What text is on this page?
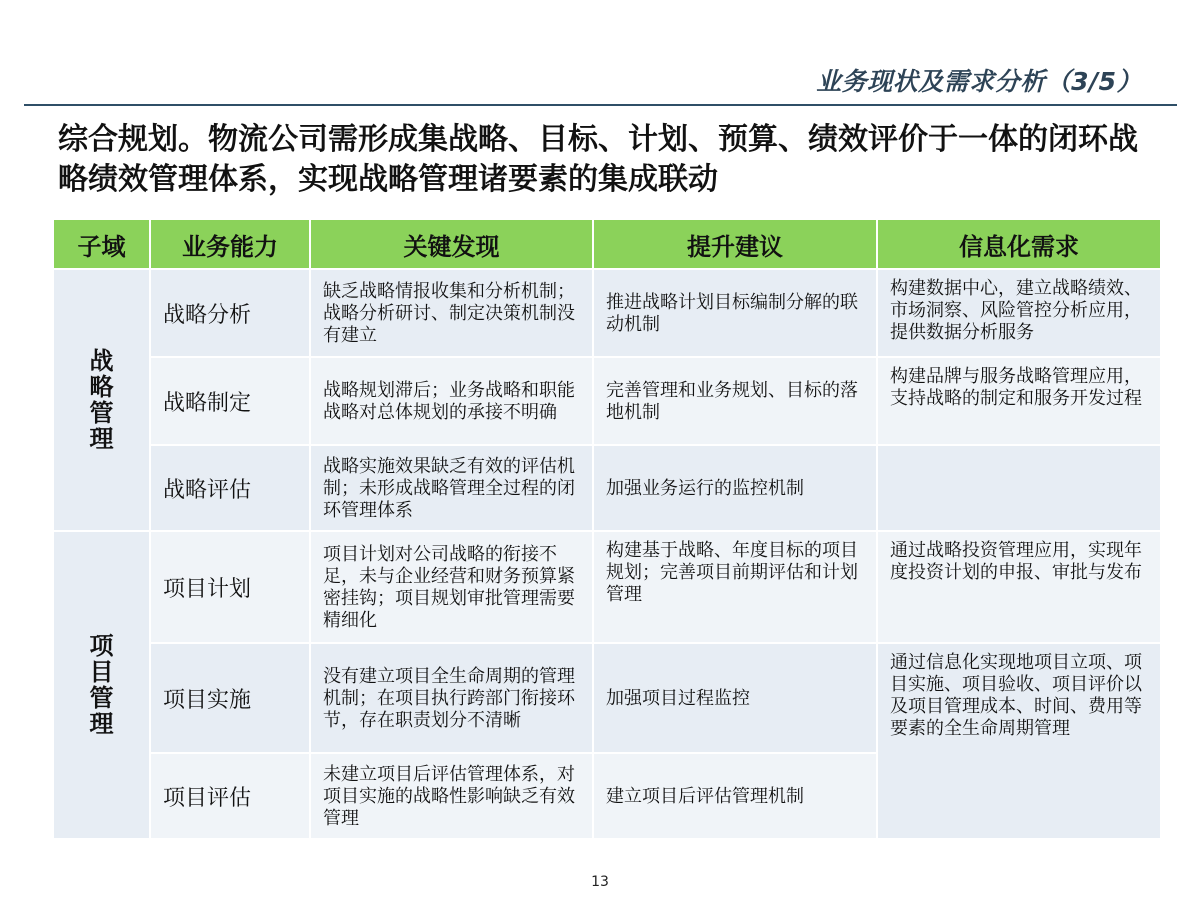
业务现状及需求分析（3/5）
综合规划。物流公司需形成集战略、目标、计划、预算、绩效评价于一体的闭环战略绩效管理体系，实现战略管理诸要素的集成联动
子域	业务能力	关键发现	提升建议	信息化需求
战略管理	战略分析	缺乏战略情报收集和分析机制；战略分析研讨、制定决策机制没有建立	推进战略计划目标编制分解的联动机制	构建数据中心，建立战略绩效、市场洞察、风险管控分析应用，提供数据分析服务
	战略制定	战略规划滞后；业务战略和职能战略对总体规划的承接不明确	完善管理和业务规划、目标的落地机制	构建品牌与服务战略管理应用，支持战略的制定和服务开发过程
	战略评估	战略实施效果缺乏有效的评估机制；未形成战略管理全过程的闭环管理体系	加强业务运行的监控机制	
项目管理	项目计划	项目计划对公司战略的衔接不足，未与企业经营和财务预算紧密挂钩；项目规划审批管理需要精细化	构建基于战略、年度目标的项目规划；完善项目前期评估和计划管理	通过战略投资管理应用，实现年度投资计划的申报、审批与发布
	项目实施	没有建立项目全生命周期的管理机制；在项目执行跨部门衔接环节，存在职责划分不清晰	加强项目过程监控	通过信息化实现地项目立项、项目实施、项目验收、项目评价以及项目管理成本、时间、费用等要素的全生命周期管理
	项目评估	未建立项目后评估管理体系，对项目实施的战略性影响缺乏有效管理	建立项目后评估管理机制	
13
